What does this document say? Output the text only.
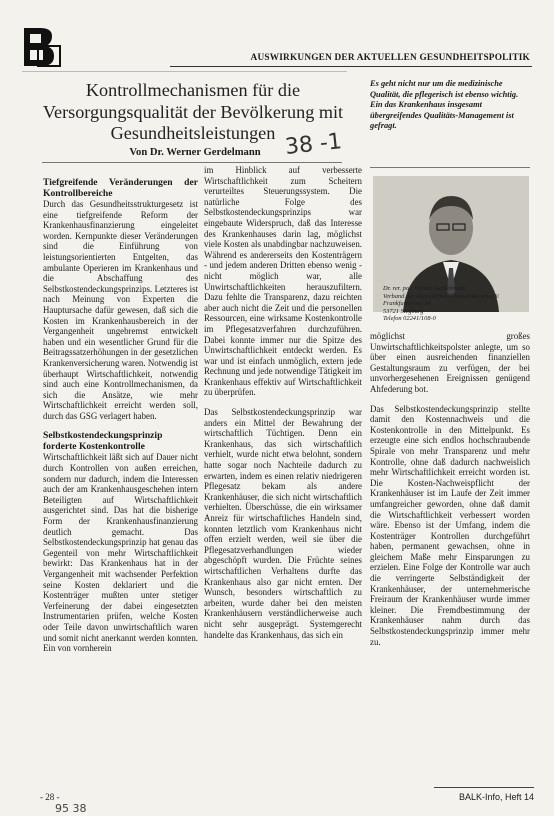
AUSWIRKUNGEN DER AKTUELLEN GESUNDHEITSPOLITIK
Kontrollmechanismen für die Versorgungsqualität der Bevölkerung mit Gesundheitsleistungen 38 -1
Von Dr. Werner Gerdelmann
Es geht nicht nur um die medizinische Qualität, die pflegerisch ist ebenso wichtig. Ein das Krankenhaus insgesamt übergreifendes Qualitäts-Management ist gefragt.
Tiefgreifende Veränderungen der Kontrollbereiche

Durch das Gesundheitsstrukturgesetz ist eine tiefgreifende Reform der Krankenhausfinanzierung eingeleitet worden. Kernpunkte dieser Veränderungen sind die Einführung von leistungsorientierten Entgelten, das ambulante Operieren im Krankenhaus und die Abschaffung des Selbstkostendeckungsprinzips. Letzteres ist nach Meinung von Experten die Hauptursache dafür gewesen, daß sich die Kosten im Krankenhausbereich in der Vergangenheit ungebremst entwickelt haben und ein wesentlicher Grund für die Beitragssatzerhöhungen in der gesetzlichen Krankenversicherung waren. Notwendig ist überhaupt Wirtschaftlichkeit, notwendig sind auch eine Kontrollmechanismen, da sich die Ansätze, wie mehr Wirtschaftlichkeit erreicht werden soll, durch das GSG verlagert haben.

Selbstkostendeckungsprinzip forderte Kostenkontrolle

Wirtschaftlichkeit läßt sich auf Dauer nicht durch Kontrollen von außen erreichen, sondern nur dadurch, indem die Interessen auch der am Krankenhausgeschehen intern Beteiligten auf Wirtschaftlichkeit ausgerichtet sind. Das hat die bisherige Form der Krankenhausfinanzierung deutlich gemacht. Das Selbstkostendeckungsprinzip hat genau das Gegenteil von mehr Wirtschaftlichkeit bewirkt: Das Krankenhaus hat in der Vergangenheit mit wachsender Perfektion seine Kosten deklariert und die Kostenträger mußten unter stetiger Verfeinerung der dabei eingesetzten Instrumentarien prüfen, welche Kosten oder Teile davon unwirtschaftlich waren und somit nicht anerkannt werden konnten. Ein von vornherein

im Hinblick auf verbesserte Wirtschaftlichkeit zum Scheitern verurteiltes Steuerungssystem. Die natürliche Folge des Selbstkostendeckungsprinzips war eingebaute Widerspruch, daß das Interesse des Krankenhauses darin lag, möglichst viele Kosten als unabdingbar nachzuweisen. Während es andererseits den Kostenträgern - und jedem anderen Dritten ebenso wenig - nicht möglich war, alle Unwirtschaftlichkeiten herauszufiltern. Dazu fehlte die Transparenz, dazu reichten aber auch nicht die Zeit und die personellen Ressourcen, eine wirksame Kostenkontrolle im Pflegesatzverfahren durchzuführen. Dabei konnte immer nur die Spitze des Unwirtschaftlichkeit entdeckt werden. Es war und ist einfach unmöglich, extern jede Rechnung und jede notwendige Tätigkeit im Krankenhaus effektiv auf Wirtschaftlichkeit zu überprüfen.

Das Selbstkostendeckungsprinzip war anders ein Mittel der Bewahrung der wirtschaftlich Tüchtigen. Denn ein Krankenhaus, das sich wirtschaftlich verhielt, wurde nicht etwa belohnt, sondern hatte sogar noch Nachteile dadurch zu erwarten, indem es einen relativ niedrigeren Pflegesatz bekam als andere Krankenhäuser, die sich nicht wirtschaftlich verhielten. Überschüsse, die ein wirksamer Anreiz für wirtschaftliches Handeln sind, konnten letztlich vom Krankenhaus nicht offen erzielt werden, weil sie über die Pflegesatzverhandlungen wieder abgeschöpft wurden. Die Früchte seines wirtschaftlichen Verhaltens durfte das Krankenhaus also gar nicht ernten. Der Wunsch, besonders wirtschaftlich zu arbeiten, wurde daher bei den meisten Krankenhäusern verständlicherweise auch nicht sehr ausgeprägt. Systemgerecht handelte das Krankenhaus, das sich ein

Dr. rer. pol. Werner Gerdelmann
Verband der Angestellten-Krankenkassen e.V.
Frankfurter Str. 84
53721 Siegburg
Telefon 02241/108-0

möglichst großes Unwirtschaftlichkeitspolster anlegte, um so über einen ausreichenden finanziellen Gestaltungsraum zu verfügen, der bei unvorhergesehenen Ereignissen genügend Ahfederung bot.

Das Selbstkostendeckungsprinzip stellte damit den Kostennachweis und die Kostenkontrolle in den Mittelpunkt. Es erzeugte eine sich endlos hochschraubende Spirale von mehr Transparenz und mehr Kontrolle, ohne daß dadurch nachweislich mehr Wirtschaftlichkeit erreicht worden ist. Die Kosten-Nachweispflicht der Krankenhäuser ist im Laufe der Zeit immer umfangreicher geworden, ohne daß damit die Wirtschaftlichkeit verbessert worden wäre. Ebenso ist der Umfang, indem die Kostenträger Kontrollen durchgeführt haben, permanent gewachsen, ohne in gleichem Maße mehr Einsparungen zu erzielen. Eine Folge der Kontrolle war auch die verringerte Selbständigkeit der Krankenhäuser, der unternehmerische Freiraum der Krankenhäuser wurde immer kleiner. Die Fremdbestimmung der Krankenhäuser nahm durch das Selbstkostendeckungsprinzip immer mehr zu.

- 28 -
95 38
BALK-Info, Heft 14
